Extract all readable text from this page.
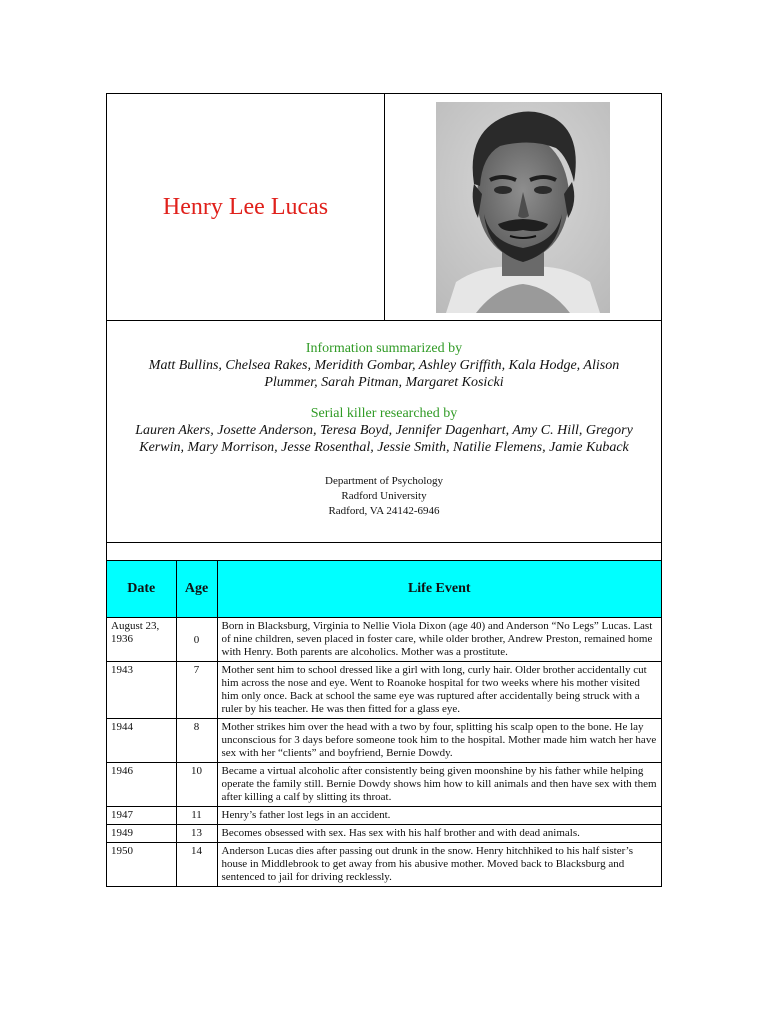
Henry Lee Lucas
Information summarized by
Matt Bullins, Chelsea Rakes, Meridith Gombar, Ashley Griffith, Kala Hodge, Alison Plummer, Sarah Pitman, Margaret Kosicki
Serial killer researched by
Lauren Akers, Josette Anderson, Teresa Boyd, Jennifer Dagenhart, Amy C. Hill, Gregory Kerwin, Mary Morrison, Jesse Rosenthal, Jessie Smith, Natilie Flemens, Jamie Kuback
Department of Psychology
Radford University
Radford, VA 24142-6946
Date	Age	Life Event
August 23, 1936	0	Born in Blacksburg, Virginia to Nellie Viola Dixon (age 40) and Anderson “No Legs” Lucas. Last of nine children, seven placed in foster care, while older brother, Andrew Preston, remained home with Henry. Both parents are alcoholics. Mother was a prostitute.
1943	7	Mother sent him to school dressed like a girl with long, curly hair. Older brother accidentally cut him across the nose and eye. Went to Roanoke hospital for two weeks where his mother visited him only once. Back at school the same eye was ruptured after accidentally being struck with a ruler by his teacher. He was then fitted for a glass eye.
1944	8	Mother strikes him over the head with a two by four, splitting his scalp open to the bone. He lay unconscious for 3 days before someone took him to the hospital. Mother made him watch her have sex with her “clients” and boyfriend, Bernie Dowdy.
1946	10	Became a virtual alcoholic after consistently being given moonshine by his father while helping operate the family still. Bernie Dowdy shows him how to kill animals and then have sex with them after killing a calf by slitting its throat.
1947	11	Henry’s father lost legs in an accident.
1949	13	Becomes obsessed with sex. Has sex with his half brother and with dead animals.
1950	14	Anderson Lucas dies after passing out drunk in the snow. Henry hitchhiked to his half sister’s house in Middlebrook to get away from his abusive mother. Moved back to Blacksburg and sentenced to jail for driving recklessly.
